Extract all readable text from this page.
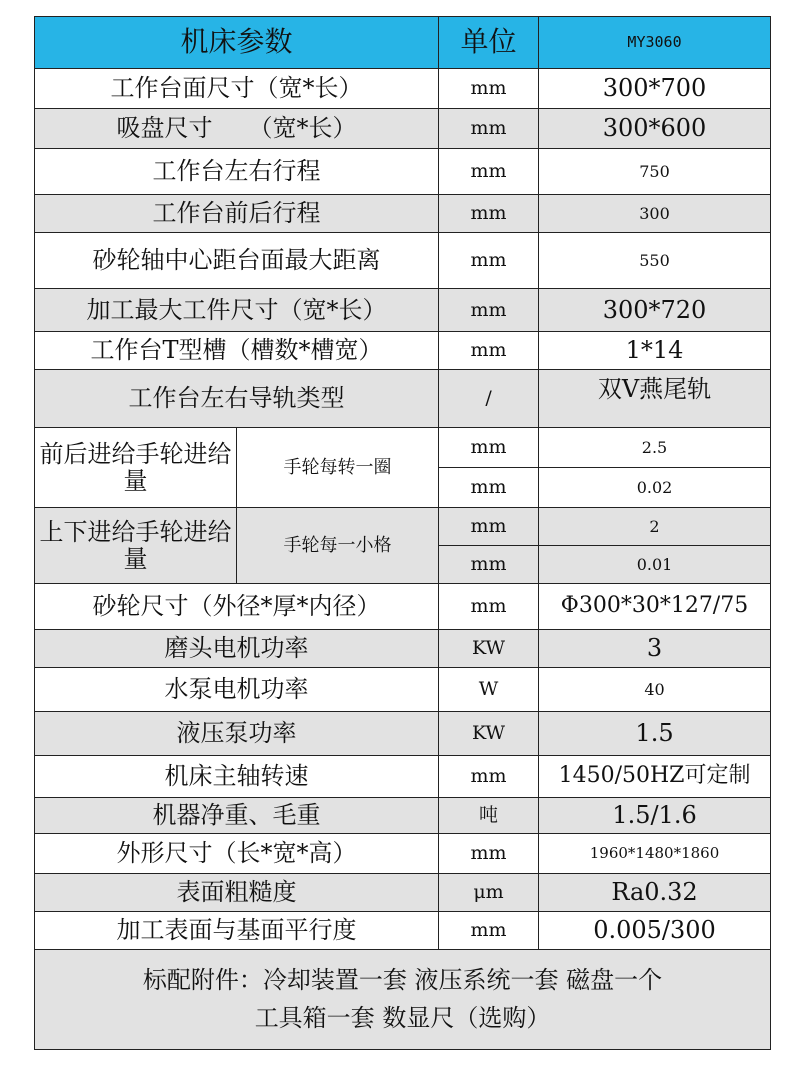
机床参数		单位	MY3060
工作台面尺寸（宽*长）		mm	300*700
吸盘尺寸　　（宽*长）		mm	300*600
工作台左右行程		mm	750
工作台前后行程		mm	300
砂轮轴中心距台面最大距离		mm	550
加工最大工件尺寸（宽*长）		mm	300*720
工作台T型槽（槽数*槽宽）		mm	1*14
工作台左右导轨类型		/	双V燕尾轨
前后进给手轮进给量	手轮每转一圈	mm	2.5
		mm	0.02
上下进给手轮进给量	手轮每一小格	mm	2
		mm	0.01
砂轮尺寸（外径*厚*内径）		mm	Φ300*30*127/75
磨头电机功率		KW	3
水泵电机功率		W	40
液压泵功率		KW	1.5
机床主轴转速		mm	1450/50HZ可定制
机器净重、毛重		吨	1.5/1.6
外形尺寸（长*宽*高）		mm	1960*1480*1860
表面粗糙度		μm	Ra0.32
加工表面与基面平行度		mm	0.005/300

标配附件：冷却装置一套 液压系统一套 磁盘一个
工具箱一套 数显尺（选购）			
